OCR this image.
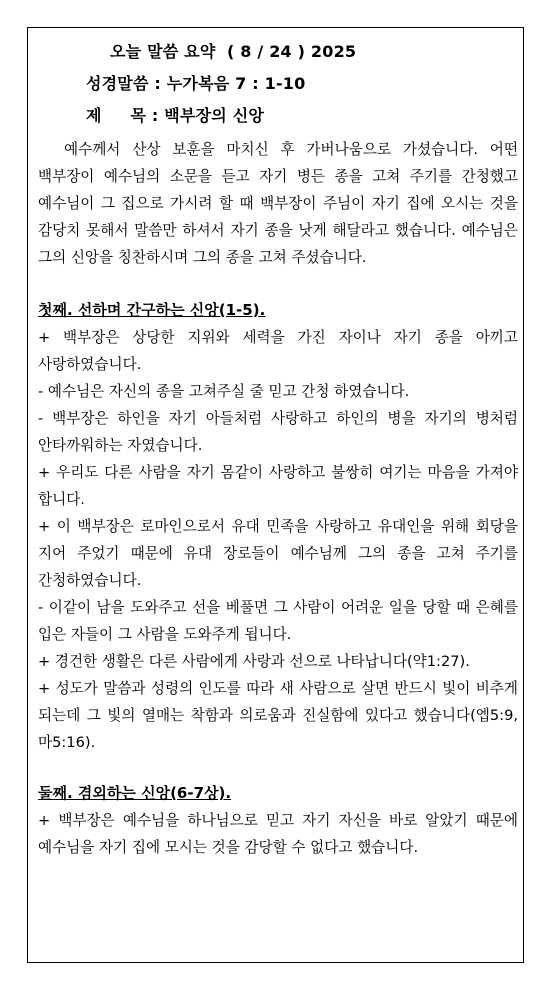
오늘 말씀 요약  ( 8 / 24 ) 2025
성경말씀 : 누가복음 7 : 1-10
제     목 : 백부장의 신앙

예수께서 산상 보훈을 마치신 후 가버나움으로 가셨습니다. 어떤 백부장이 예수님의 소문을 듣고 자기 병든 종을 고쳐 주기를 간청했고 예수님이 그 집으로 가시려 할 때 백부장이 주님이 자기 집에 오시는 것을 감당치 못해서 말씀만 하셔서 자기 종을 낫게 해달라고 했습니다. 예수님은 그의 신앙을 칭찬하시며 그의 종을 고쳐 주셨습니다.

첫째. 선하며 간구하는 신앙(1-5).

+ 백부장은 상당한 지위와 세력을 가진 자이나 자기 종을 아끼고 사랑하였습니다.

- 예수님은 자신의 종을 고쳐주실 줄 믿고 간청 하였습니다.

- 백부장은 하인을 자기 아들처럼 사랑하고 하인의 병을 자기의 병처럼 안타까워하는 자였습니다.

+ 우리도 다른 사람을 자기 몸같이 사랑하고 불쌍히 여기는 마음을 가져야 합니다.

+ 이 백부장은 로마인으로서 유대 민족을 사랑하고 유대인을 위해 회당을 지어 주었기 때문에 유대 장로들이 예수님께 그의 종을 고쳐 주기를 간청하였습니다.

- 이같이 남을 도와주고 선을 베풀면 그 사람이 어려운 일을 당할 때 은혜를 입은 자들이 그 사람을 도와주게 됩니다.

+ 경건한 생활은 다른 사람에게 사랑과 선으로 나타납니다(약1:27).

+ 성도가 말씀과 성령의 인도를 따라 새 사람으로 살면 반드시 빛이 비추게 되는데 그 빛의 열매는 착함과 의로움과 진실함에 있다고 했습니다(엡5:9, 마5:16).

둘째. 겸외하는 신앙(6-7상).

+ 백부장은 예수님을 하나님으로 믿고 자기 자신을 바로 알았기 때문에 예수님을 자기 집에 모시는 것을 감당할 수 없다고 했습니다.
